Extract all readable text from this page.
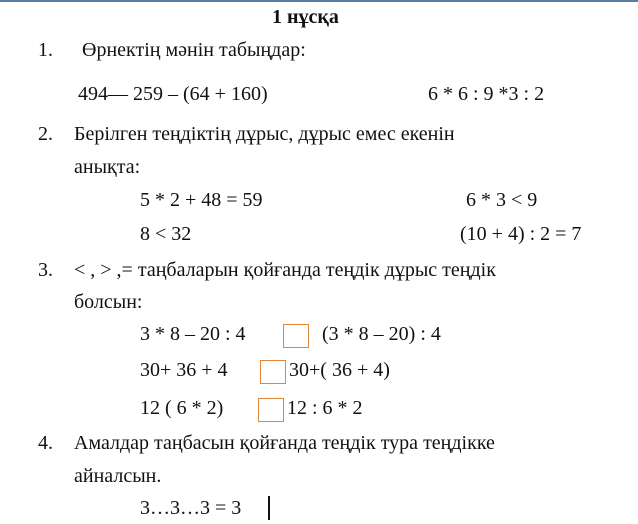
1 нұсқа
1. Өрнектің мәнін табыңдар:
494― 259 – (64 + 160)	6 * 6 : 9 *3 : 2
2. Берілген теңдіктің дұрыс, дұрыс емес екенін
анықта:
5 * 2 + 48 = 59	6 * 3 < 9
8 < 32	(10 + 4) : 2 = 7
3. < , > ,= таңбаларын қойғанда теңдік дұрыс теңдік
болсын:
3 * 8 – 20 : 4	(3 * 8 – 20) : 4
30+ 36 + 4	30+( 36 + 4)
12 ( 6 * 2)	12 : 6 * 2
4. Амалдар таңбасын қойғанда теңдік тура теңдікке
айналсын.
3…3…3 = 3
